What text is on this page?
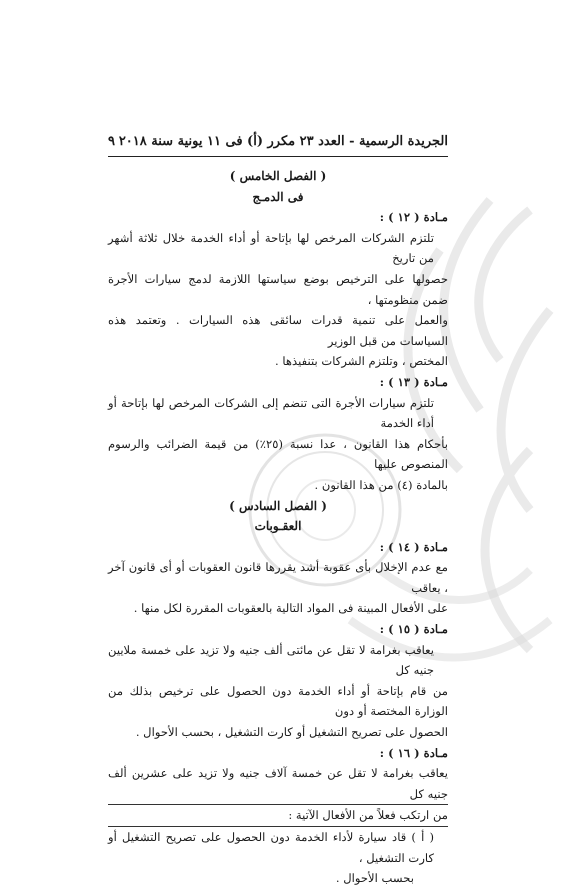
الجريدة الرسمية - العدد ٢٣ مكرر (أ) فى ١١ يونية سنة ٢٠١٨
٩
( الفصل الخامس )
فى الدمـج
مـادة ( ١٢ ) :

تلتزم الشركات المرخص لها بإتاحة أو أداء الخدمة خلال ثلاثة أشهر من تاريخ

حصولها على الترخيص بوضع سياستها اللازمة لدمج سيارات الأجرة ضمن منظومتها ،

والعمل على تنمية قدرات سائقى هذه السيارات . وتعتمد هذه السياسات من قبل الوزير

المختص ، وتلتزم الشركات بتنفيذها .

مـادة ( ١٣ ) :

تلتزم سيارات الأجرة التى تنضم إلى الشركات المرخص لها بإتاحة أو أداء الخدمة

بأحكام هذا القانون ، عدا نسبة (٢٥٪) من قيمة الضرائب والرسوم المنصوص عليها

بالمادة (٤) من هذا القانون .

( الفصل السادس )
العقـوبات
مـادة ( ١٤ ) :

مع عدم الإخلال بأى عقوبة أشد يقررها قانون العقوبات أو أى قانون آخر ، يعاقب

على الأفعال المبينة فى المواد التالية بالعقوبات المقررة لكل منها .

مـادة ( ١٥ ) :

يعاقب بغرامة لا تقل عن مائتى ألف جنيه ولا تزيد على خمسة ملايين جنيه كل

من قام بإتاحة أو أداء الخدمة دون الحصول على ترخيص بذلك من الوزارة المختصة أو دون

الحصول على تصريح التشغيل أو كارت التشغيل ، بحسب الأحوال .

مـادة ( ١٦ ) :

يعاقب بغرامة لا تقل عن خمسة آلاف جنيه ولا تزيد على عشرين ألف جنيه كل

من ارتكب فعلاً من الأفعال الآتية :

( أ ) قاد سيارة لأداء الخدمة دون الحصول على تصريح التشغيل أو كارت التشغيل ،

بحسب الأحوال .
